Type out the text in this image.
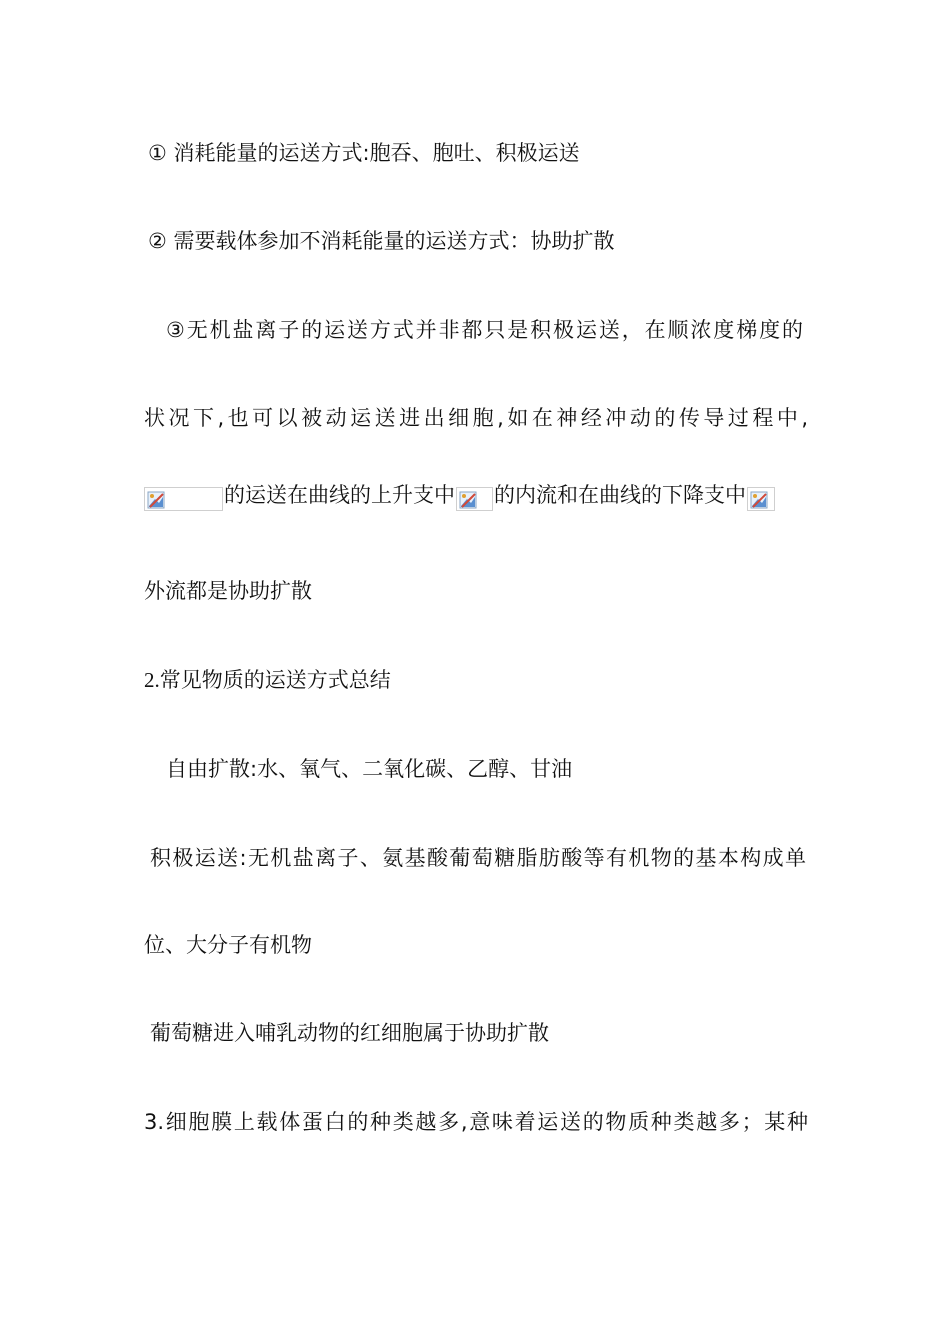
① 消耗能量的运送方式:胞吞、胞吐、积极运送
② 需要载体参加不消耗能量的运送方式：协助扩散
③无机盐离子的运送方式并非都只是积极运送，在顺浓度梯度的
状况下,也可以被动运送进出细胞,如在神经冲动的传导过程中,
的运送在曲线的上升支中 的内流和在曲线的下降支中
外流都是协助扩散
2.常见物质的运送方式总结
自由扩散:水、氧气、二氧化碳、乙醇、甘油
积极运送:无机盐离子、氨基酸葡萄糖脂肪酸等有机物的基本构成单
位、大分子有机物
葡萄糖进入哺乳动物的红细胞属于协助扩散
3.细胞膜上载体蛋白的种类越多,意味着运送的物质种类越多；某种
